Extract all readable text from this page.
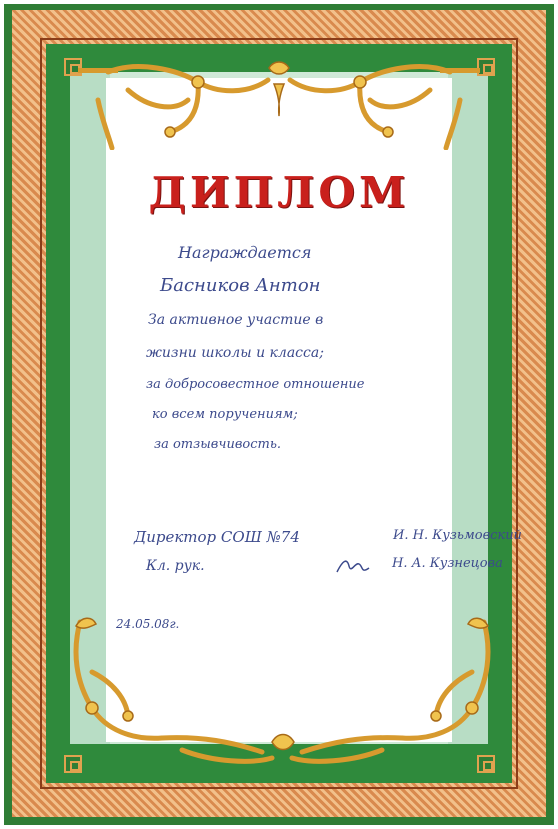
ДИПЛОМ
Награждается
Басников Антон
За активное участие в
жизни школы и класса;
за добросовестное отношение
ко всем поручениям;
за отзывчивость.
Директор СОШ №74	И. Н. Кузьмовский
Кл. рук.	Н. А. Кузнецова
24.05.08г.
